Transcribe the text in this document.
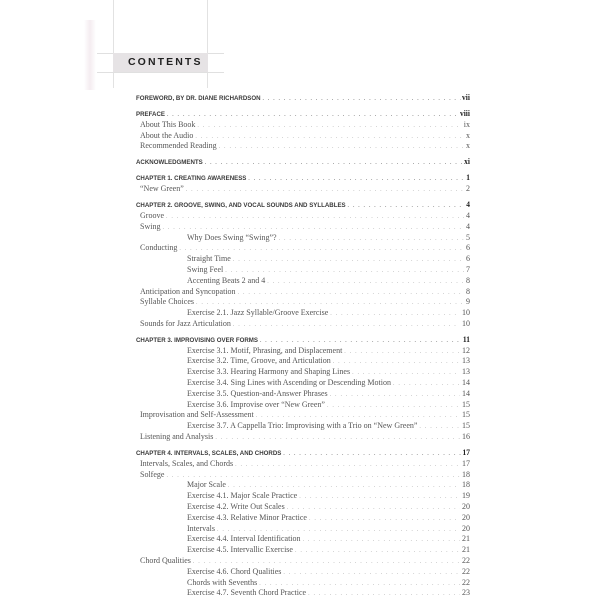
CONTENTS
FOREWORD, BY DR. DIANE RICHARDSON . . .	vii
PREFACE . . .	viii
About This Book . . .	ix
About the Audio . . .	x
Recommended Reading . . .	x
ACKNOWLEDGMENTS . . .	xi
CHAPTER 1. CREATING AWARENESS . . .	1
“New Green” . . .	2
CHAPTER 2. GROOVE, SWING, AND VOCAL SOUNDS AND SYLLABLES . . .	4
Groove . . .	4
Swing . . .	4
Why Does Swing “Swing”? . . .	5
Conducting . . .	6
Straight Time . . .	6
Swing Feel . . .	7
Accenting Beats 2 and 4 . . .	8
Anticipation and Syncopation . . .	8
Syllable Choices . . .	9
Exercise 2.1. Jazz Syllable/Groove Exercise . . .	10
Sounds for Jazz Articulation . . .	10
CHAPTER 3. IMPROVISING OVER FORMS . . .	11
Exercise 3.1. Motif, Phrasing, and Displacement . . .	12
Exercise 3.2. Time, Groove, and Articulation . . .	13
Exercise 3.3. Hearing Harmony and Shaping Lines . . .	13
Exercise 3.4. Sing Lines with Ascending or Descending Motion . . .	14
Exercise 3.5. Question-and-Answer Phrases . . .	14
Exercise 3.6. Improvise over “New Green” . . .	15
Improvisation and Self-Assessment . . .	15
Exercise 3.7. A Cappella Trio: Improvising with a Trio on “New Green” . . .	15
Listening and Analysis . . .	16
CHAPTER 4. INTERVALS, SCALES, AND CHORDS . . .	17
Intervals, Scales, and Chords . . .	17
Solfege . . .	18
Major Scale . . .	18
Exercise 4.1. Major Scale Practice . . .	19
Exercise 4.2. Write Out Scales . . .	20
Exercise 4.3. Relative Minor Practice . . .	20
Intervals . . .	20
Exercise 4.4. Interval Identification . . .	21
Exercise 4.5. Intervallic Exercise . . .	21
Chord Qualities . . .	22
Exercise 4.6. Chord Qualities . . .	22
Chords with Sevenths . . .	22
Exercise 4.7. Seventh Chord Practice . . .	23
